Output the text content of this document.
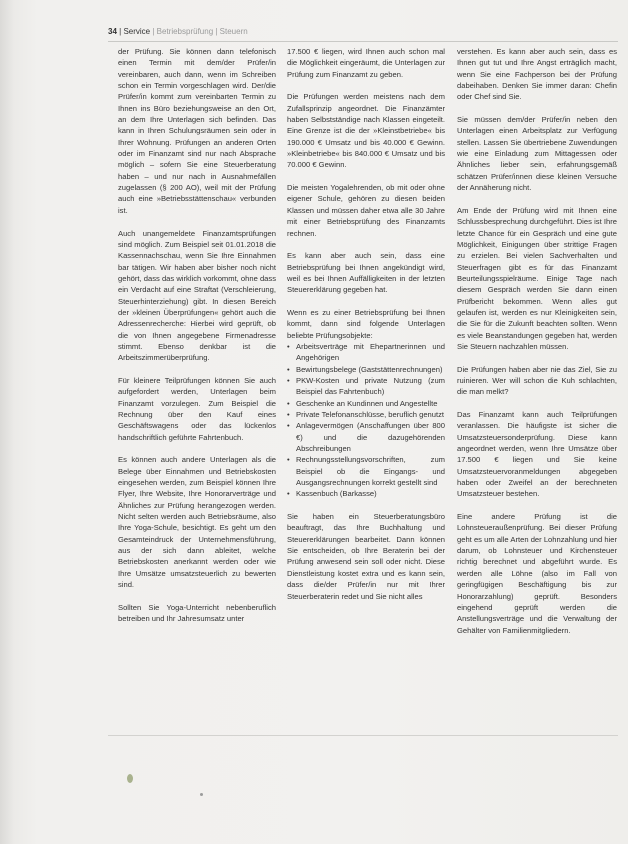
34 | Service | Betriebsprüfung | Steuern

der Prüfung. Sie können dann telefonisch einen Termin mit dem/der Prüfer/in vereinbaren, auch dann, wenn im Schreiben schon ein Termin vorgeschlagen wird. Der/die Prüfer/in kommt zum vereinbarten Termin zu Ihnen ins Büro beziehungsweise an den Ort, an dem Ihre Unterlagen sich befinden. Das kann in Ihren Schulungsräumen sein oder in Ihrer Wohnung. Prüfungen an anderen Orten oder im Finanzamt sind nur nach Absprache möglich – sofern Sie eine Steuerberatung haben – und nur nach in Ausnahmefällen zugelassen (§ 200 AO), weil mit der Prüfung auch eine »Betriebsstättenschau« verbunden ist.

Auch unangemeldete Finanzamtsprüfungen sind möglich. Zum Beispiel seit 01.01.2018 die Kassennachschau, wenn Sie Ihre Einnahmen bar tätigen. Wir haben aber bisher noch nicht gehört, dass das wirklich vorkommt, ohne dass ein Verdacht auf eine Straftat (Verschleierung, Steuerhinterziehung) gibt. In diesen Bereich der »kleinen Überprüfungen« gehört auch die Adressenrecherche: Hierbei wird geprüft, ob die von Ihnen angegebene Firmenadresse stimmt. Ebenso denkbar ist die Arbeitszimmerüberprüfung.

Für kleinere Teilprüfungen können Sie auch aufgefordert werden, Unterlagen beim Finanzamt vorzulegen. Zum Beispiel die Rechnung über den Kauf eines Geschäftswagens oder das lückenlos handschriftlich geführte Fahrtenbuch.

Es können auch andere Unterlagen als die Belege über Einnahmen und Betriebskosten eingesehen werden, zum Beispiel können Ihre Flyer, Ihre Website, Ihre Honorarverträge und Ähnliches zur Prüfung herangezogen werden. Nicht selten werden auch Betriebsräume, also Ihre Yoga-Schule, besichtigt. Es geht um den Gesamteindruck der Unternehmensführung, aus der sich dann ableitet, welche Betriebskosten anerkannt werden oder wie Ihre Umsätze umsatzsteuerlich zu bewerten sind.

Sollten Sie Yoga-Unterricht nebenberuflich betreiben und Ihr Jahresumsatz unter

17.500 € liegen, wird Ihnen auch schon mal die Möglichkeit eingeräumt, die Unterlagen zur Prüfung zum Finanzamt zu geben.

Die Prüfungen werden meistens nach dem Zufallsprinzip angeordnet. Die Finanzämter haben Selbstständige nach Klassen eingeteilt. Eine Grenze ist die der »Kleinstbetriebe« bis 190.000 € Umsatz und bis 40.000 € Gewinn. »Kleinbetriebe« bis 840.000 € Umsatz und bis 70.000 € Gewinn.

Die meisten Yogalehrenden, ob mit oder ohne eigener Schule, gehören zu diesen beiden Klassen und müssen daher etwa alle 30 Jahre mit einer Betriebsprüfung des Finanzamts rechnen.

Es kann aber auch sein, dass eine Betriebsprüfung bei Ihnen angekündigt wird, weil es bei Ihnen Auffälligkeiten in der letzten Steuererklärung gegeben hat.

Wenn es zu einer Betriebsprüfung bei Ihnen kommt, dann sind folgende Unterlagen beliebte Prüfungsobjekte:

• Arbeitsverträge mit Ehepartnerinnen und Angehörigen
• Bewirtungsbelege (Gaststättenrechnungen)
• PKW-Kosten und private Nutzung (zum Beispiel das Fahrtenbuch)
• Geschenke an Kundinnen und Angestellte
• Private Telefonanschlüsse, beruflich genutzt
• Anlagevermögen (Anschaffungen über 800 €) und die dazugehörenden Abschreibungen
• Rechnungsstellungsvorschriften, zum Beispiel ob die Eingangs- und Ausgangsrechnungen korrekt gestellt sind
• Kassenbuch (Barkasse)

Sie haben ein Steuerberatungsbüro beauftragt, das Ihre Buchhaltung und Steuererklärungen bearbeitet. Dann können Sie entscheiden, ob Ihre Beraterin bei der Prüfung anwesend sein soll oder nicht. Diese Dienstleistung kostet extra und es kann sein, dass die/der Prüfer/in nur mit Ihrer Steuerberaterin redet und Sie nicht alles

verstehen. Es kann aber auch sein, dass es Ihnen gut tut und Ihre Angst erträglich macht, wenn Sie eine Fachperson bei der Prüfung dabeihaben. Denken Sie immer daran: Chefin oder Chef sind Sie.

Sie müssen dem/der Prüfer/in neben den Unterlagen einen Arbeitsplatz zur Verfügung stellen. Lassen Sie übertriebene Zuwendungen wie eine Einladung zum Mittagessen oder Ähnliches lieber sein, erfahrungsgemäß schätzen Prüfer/innen diese kleinen Versuche der Annäherung nicht.

Am Ende der Prüfung wird mit Ihnen eine Schlussbesprechung durchgeführt. Dies ist Ihre letzte Chance für ein Gespräch und eine gute Möglichkeit, Einigungen über strittige Fragen zu erzielen. Bei vielen Sachverhalten und Steuerfragen gibt es für das Finanzamt Beurteilungsspielräume. Einige Tage nach diesem Gespräch werden Sie dann einen Prüfbericht bekommen. Wenn alles gut gelaufen ist, werden es nur Kleinigkeiten sein, die Sie für die Zukunft beachten sollten. Wenn es viele Beanstandungen gegeben hat, werden Sie Steuern nachzahlen müssen.

Die Prüfungen haben aber nie das Ziel, Sie zu ruinieren. Wer will schon die Kuh schlachten, die man melkt?

Das Finanzamt kann auch Teilprüfungen veranlassen. Die häufigste ist sicher die Umsatzsteuersonderprüfung. Diese kann angeordnet werden, wenn Ihre Umsätze über 17.500 € liegen und Sie keine Umsatzsteuervoranmeldungen abgegeben haben oder Zweifel an der berechneten Umsatzsteuer bestehen.

Eine andere Prüfung ist die Lohnsteueraußenprüfung. Bei dieser Prüfung geht es um alle Arten der Lohnzahlung und hier darum, ob Lohnsteuer und Kirchensteuer richtig berechnet und abgeführt wurde. Es werden alle Löhne (also im Fall von geringfügigen Beschäftigung bis zur Honorarzahlung) geprüft. Besonders eingehend geprüft werden die Anstellungsverträge und die Verwaltung der Gehälter von Familienmitgliedern.
